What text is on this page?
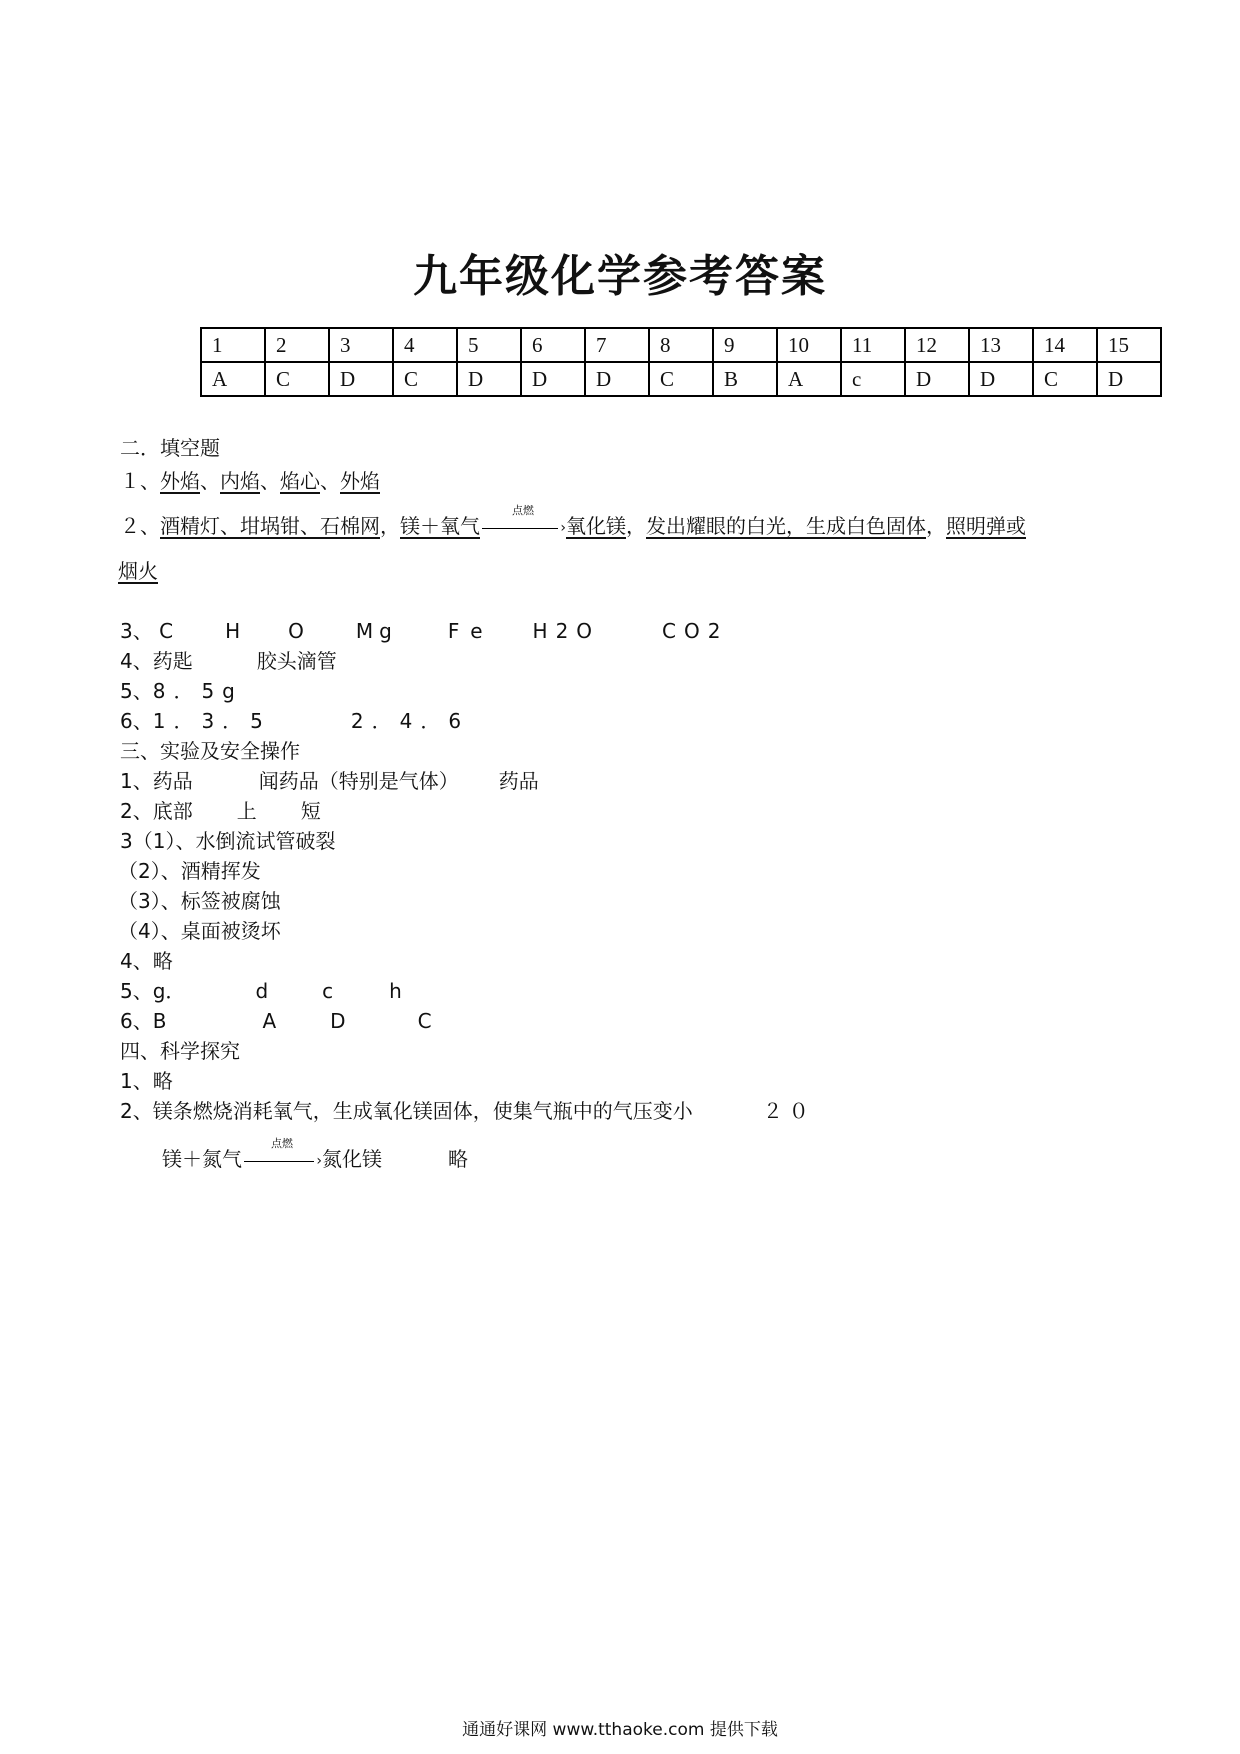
九年级化学参考答案
1	2	3	4	5	6	7	8	9	10	11	12	13	14	15
A	C	D	C	D	D	D	C	B	A	c	D	D	C	D
二．填空题
１、外焰、内焰、焰心、外焰
２、酒精灯、坩埚钳、石棉网，镁＋氧气
点燃
› 氧化镁，发出耀眼的白光，生成白色固体，照明弹或
烟火
3、 C	H O	Mg	Fe H2O	CO2
4、药匙	胶头滴管
5、8．5g
6、1．3．5	2．4．6
三、实验及安全操作
1、药品	闻药品（特别是气体） 药品
2、底部 上 短
3（1）、水倒流试管破裂
（2）、酒精挥发
（3）、标签被腐蚀
（4）、桌面被烫坏
4、略
5、g．	d	c	h
6、B	A	D	C
四、科学探究
1、略
2、镁条燃烧消耗氧气，生成氧化镁固体，使集气瓶中的气压变小	２０
镁＋氮气
点燃
› 氮化镁	略
通通好课网 www.tthaoke.com 提供下载
